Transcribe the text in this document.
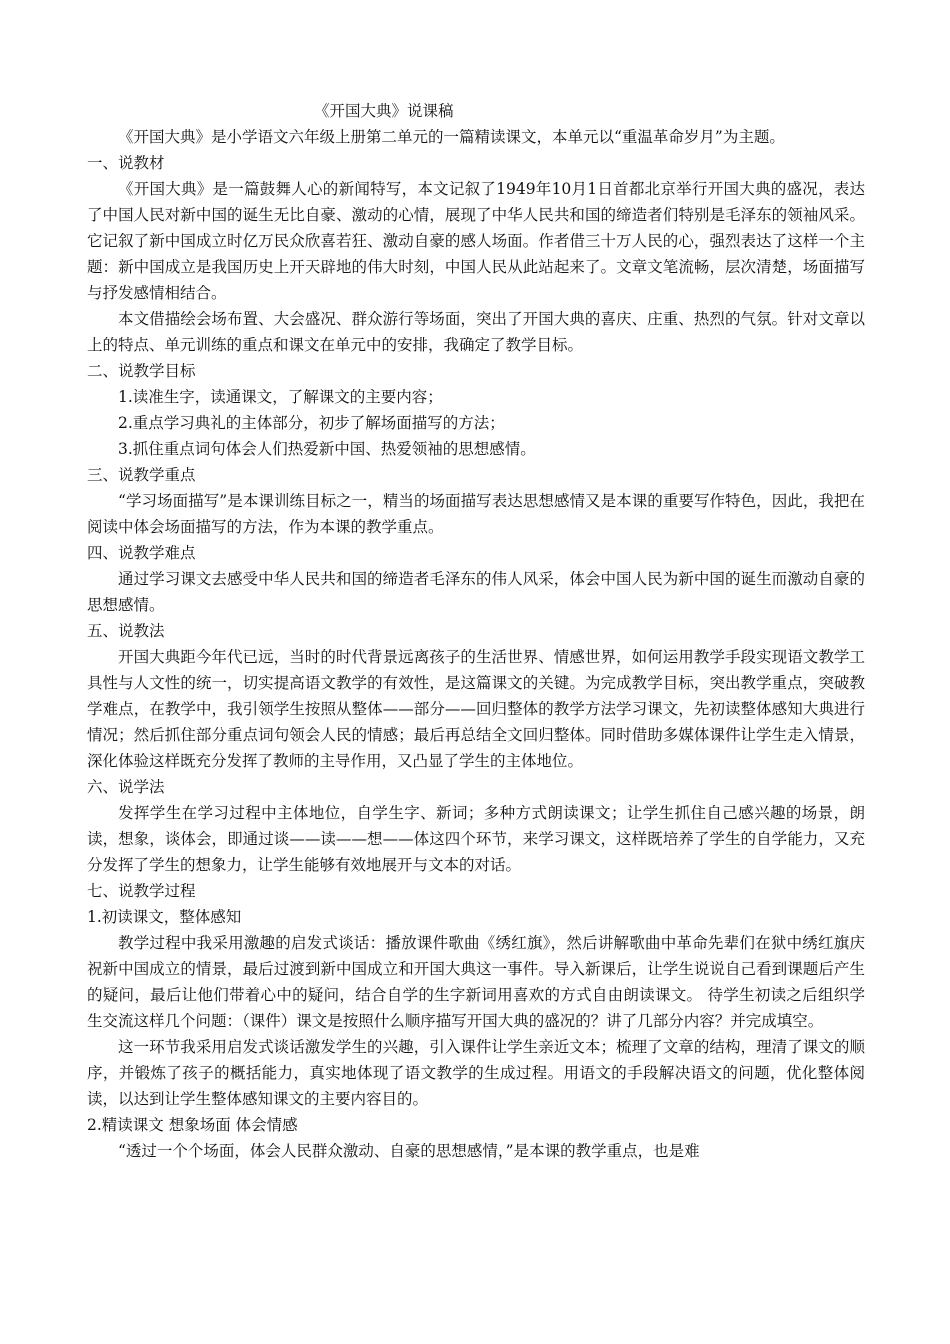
《开国大典》说课稿

《开国大典》是小学语文六年级上册第二单元的一篇精读课文，本单元以“重温革命岁月”为主题。

一、说教材

《开国大典》是一篇鼓舞人心的新闻特写，本文记叙了1949年10月1日首都北京举行开国大典的盛况，表达了中国人民对新中国的诞生无比自豪、激动的心情，展现了中华人民共和国的缔造者们特别是毛泽东的领袖风采。它记叙了新中国成立时亿万民众欣喜若狂、激动自豪的感人场面。作者借三十万人民的心，强烈表达了这样一个主题：新中国成立是我国历史上开天辟地的伟大时刻，中国人民从此站起来了。文章文笔流畅，层次清楚，场面描写与抒发感情相结合。

本文借描绘会场布置、大会盛况、群众游行等场面，突出了开国大典的喜庆、庄重、热烈的气氛。针对文章以上的特点、单元训练的重点和课文在单元中的安排，我确定了教学目标。

二、说教学目标

1.读准生字，读通课文，了解课文的主要内容；

2.重点学习典礼的主体部分，初步了解场面描写的方法；

3.抓住重点词句体会人们热爱新中国、热爱领袖的思想感情。

三、说教学重点

“学习场面描写”是本课训练目标之一，精当的场面描写表达思想感情又是本课的重要写作特色，因此，我把在阅读中体会场面描写的方法，作为本课的教学重点。

四、说教学难点

通过学习课文去感受中华人民共和国的缔造者毛泽东的伟人风采，体会中国人民为新中国的诞生而激动自豪的思想感情。

五、说教法

开国大典距今年代已远，当时的时代背景远离孩子的生活世界、情感世界，如何运用教学手段实现语文教学工具性与人文性的统一，切实提高语文教学的有效性，是这篇课文的关键。为完成教学目标，突出教学重点，突破教学难点，在教学中，我引领学生按照从整体——部分——回归整体的教学方法学习课文，先初读整体感知大典进行情况；然后抓住部分重点词句领会人民的情感；最后再总结全文回归整体。同时借助多媒体课件让学生走入情景，深化体验这样既充分发挥了教师的主导作用，又凸显了学生的主体地位。

六、说学法

发挥学生在学习过程中主体地位，自学生字、新词；多种方式朗读课文；让学生抓住自己感兴趣的场景，朗读，想象，谈体会，即通过谈——读——想——体这四个环节，来学习课文，这样既培养了学生的自学能力，又充分发挥了学生的想象力，让学生能够有效地展开与文本的对话。

七、说教学过程

1.初读课文，整体感知

教学过程中我采用激趣的启发式谈话：播放课件歌曲《绣红旗》，然后讲解歌曲中革命先辈们在狱中绣红旗庆祝新中国成立的情景，最后过渡到新中国成立和开国大典这一事件。导入新课后，让学生说说自己看到课题后产生的疑问，最后让他们带着心中的疑问，结合自学的生字新词用喜欢的方式自由朗读课文。 待学生初读之后组织学生交流这样几个问题：（课件）课文是按照什么顺序描写开国大典的盛况的？讲了几部分内容？并完成填空。

这一环节我采用启发式谈话激发学生的兴趣，引入课件让学生亲近文本；梳理了文章的结构，理清了课文的顺序，并锻炼了孩子的概括能力，真实地体现了语文教学的生成过程。用语文的手段解决语文的问题，优化整体阅读，以达到让学生整体感知课文的主要内容目的。

2.精读课文 想象场面 体会情感

“透过一个个场面，体会人民群众激动、自豪的思想感情，”是本课的教学重点，也是难
